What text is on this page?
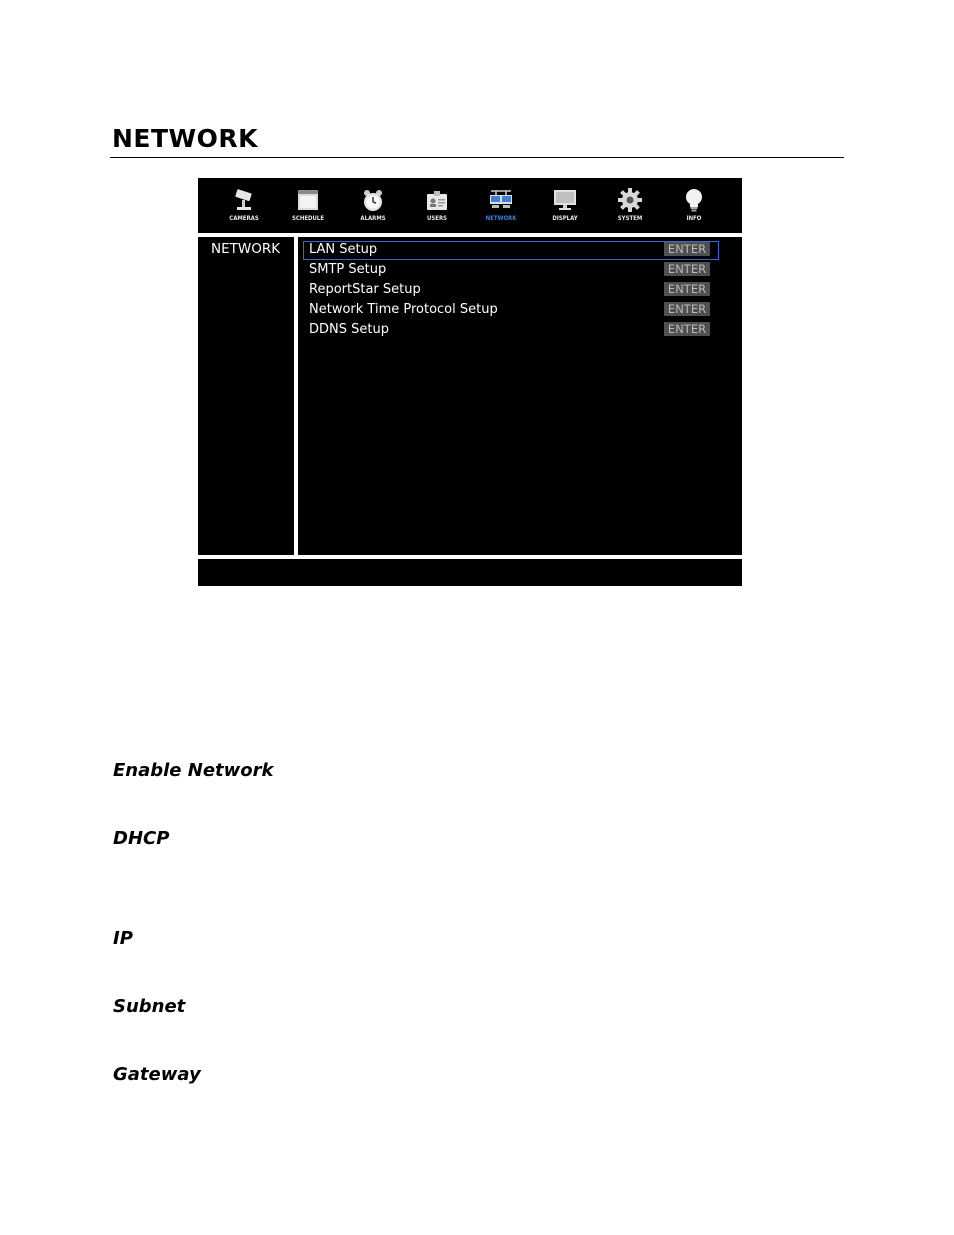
NETWORK
CAMERAS	SCHEDULE	ALARMS	USERS	NETWORK	DISPLAY	SYSTEM	INFO
NETWORK LAN Setup	ENTER
SMTP Setup	ENTER
ReportStar Setup	ENTER
Network Time Protocol Setup	ENTER
DDNS Setup	ENTER
Enable Network
DHCP
IP
Subnet
Gateway
